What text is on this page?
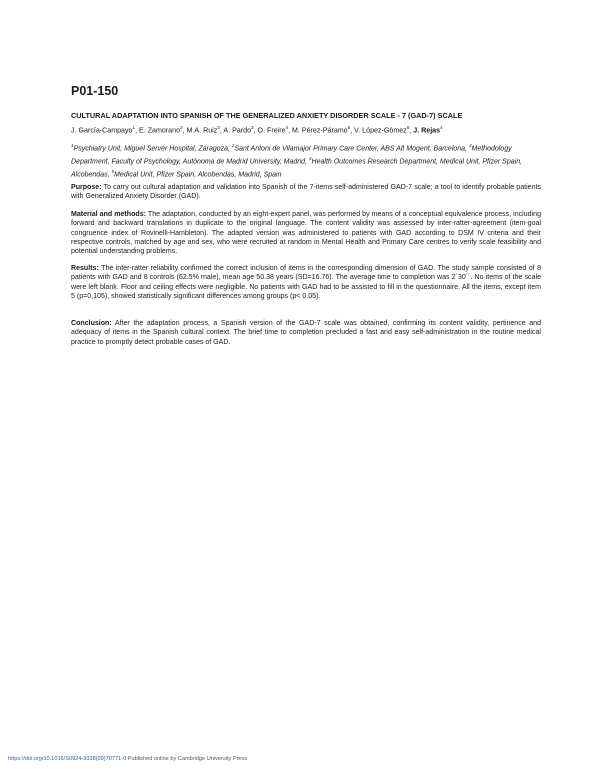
P01-150
CULTURAL ADAPTATION INTO SPANISH OF THE GENERALIZED ANXIETY DISORDER SCALE - 7 (GAD-7) SCALE
J. García-Campayo$^1$, E. Zamorano$^2$, M.A. Ruiz$^3$, A. Pardo$^3$, O. Freire$^4$, M. Pérez-Páramo$^5$, V. López-Gómez$^5$, J. Rejas$^4$
$^1$Psychiatry Unit, Miguel Server Hospital, Zaragoza, $^2$Sant Antoni de Vilamajor Primary Care Center, ABS Alt Mogent, Barcelona, $^3$Methodology Department, Faculty of Psychology, Autónoma de Madrid University, Madrid, $^4$Health Outcomes Research Department, Medical Unit, Pfizer Spain, Alcobendas, $^5$Medical Unit, Pfizer Spain, Alcobendas, Madrid, Spain

Purpose: To carry out cultural adaptation and validation into Spanish of the 7-items self-administered GAD-7 scale; a tool to identify probable patients with Generalized Anxiety Disorder (GAD).

Material and methods: The adaptation, conducted by an eight-expert panel, was performed by means of a conceptual equivalence process, including forward and backward translations in duplicate to the original language. The content validity was assessed by inter-ratter-agreement (item-goal congruence index of Rovinelli-Hambleton). The adapted version was administered to patients with GAD according to DSM IV criteria and their respective controls, matched by age and sex, who were recruited at random in Mental Health and Primary Care centres to verify scale feasibility and potential understanding problems.

Results: The inter-ratter reliability confirmed the correct inclusion of items in the corresponding dimension of GAD. The study sample consisted of 8 patients with GAD and 8 controls (62.5% male), mean age 50.38 years (SD=16.76). The average time to completion was 2´30´´. No items of the scale were left blank. Floor and ceiling effects were negligible. No patients with GAD had to be assisted to fill in the questionnaire. All the items, except item 5 (p=0,105), showed statistically significant differences among groups (p< 0.05).

Conclusion: After the adaptation process, a Spanish version of the GAD-7 scale was obtained, confirming its content validity, pertinence and adequacy of items in the Spanish cultural context. The brief time to completion precluded a fast and easy self-administration in the routine medical practice to promptly detect probable cases of GAD.

https://doi.org/10.1016/S0924-9338(09)70771-0 Published online by Cambridge University Press
